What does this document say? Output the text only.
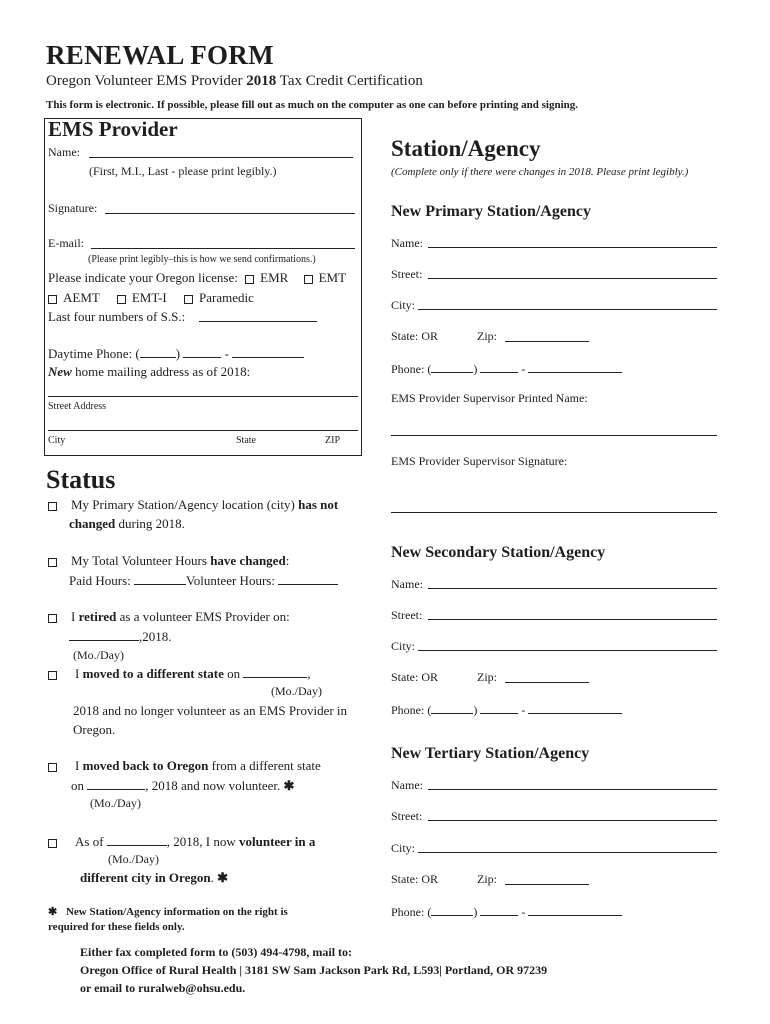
RENEWAL FORM
Oregon Volunteer EMS Provider 2018 Tax Credit Certification
This form is electronic. If possible, please fill out as much on the computer as one can before printing and signing.
EMS Provider
Name:
(First, M.I., Last - please print legibly.)
Signature:
E-mail:
(Please print legibly–this is how we send confirmations.)
Please indicate your Oregon license: EMR EMT
AEMT EMT-I Paramedic
Last four numbers of S.S.:
Daytime Phone: (	)	-
New home mailing address as of 2018:
Street Address
City	State	ZIP
Status
My Primary Station/Agency location (city) has not
changed during 2018.
My Total Volunteer Hours have changed:
Paid Hours:	Volunteer Hours:
I retired as a volunteer EMS Provider on:
,2018.
(Mo./Day)
I moved to a different state on	,
(Mo./Day)
2018 and no longer volunteer as an EMS Provider in
Oregon.
I moved back to Oregon from a different state
on	, 2018 and now volunteer. ✱
(Mo./Day)
As of	, 2018, I now volunteer in a
(Mo./Day)
different city in Oregon. ✱
✱ New Station/Agency information on the right is
required for these fields only.
Station/Agency
(Complete only if there were changes in 2018. Please print legibly.)
New Primary Station/Agency
Name:
Street:
City:
State: OR	Zip:
Phone: (	)	-
EMS Provider Supervisor Printed Name:
EMS Provider Supervisor Signature:
New Secondary Station/Agency
Name:
Street:
City:
State: OR	Zip:
Phone: (	)	-
New Tertiary Station/Agency
Name:
Street:
City:
State: OR	Zip:
Phone: (	)	-
Either fax completed form to (503) 494-4798, mail to:
Oregon Office of Rural Health | 3181 SW Sam Jackson Park Rd, L593| Portland, OR 97239
or email to ruralweb@ohsu.edu.
